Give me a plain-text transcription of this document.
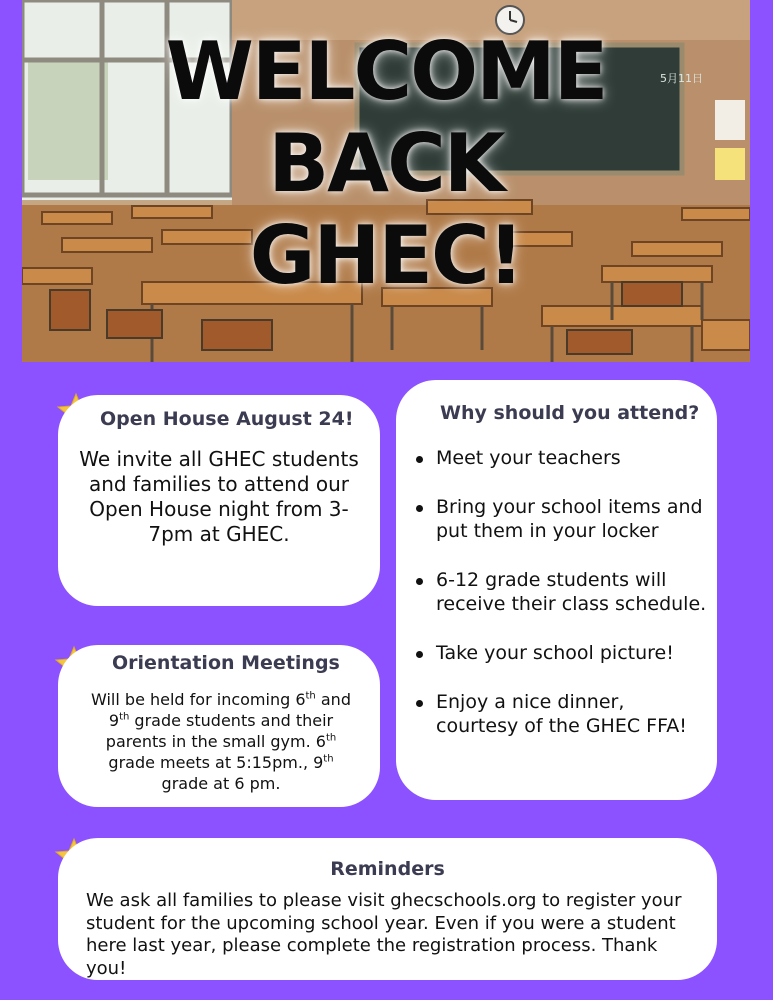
5月11日
WELCOME
BACK
GHEC!
Open House August 24!
We invite all GHEC students and families to attend our Open House night from 3-7pm at GHEC.
Orientation Meetings
Will be held for incoming 6th and 9th grade students and their parents in the small gym. 6th grade meets at 5:15pm., 9th grade at 6 pm.
Why should you attend?
Meet your teachers
Bring your school items and put them in your locker
6-12 grade students will receive their class schedule.
Take your school picture!
Enjoy a nice dinner, courtesy of the GHEC FFA!
Reminders
We ask all families to please visit ghecschools.org to register your student for the upcoming school year. Even if you were a student here last year, please complete the registration process. Thank you!
